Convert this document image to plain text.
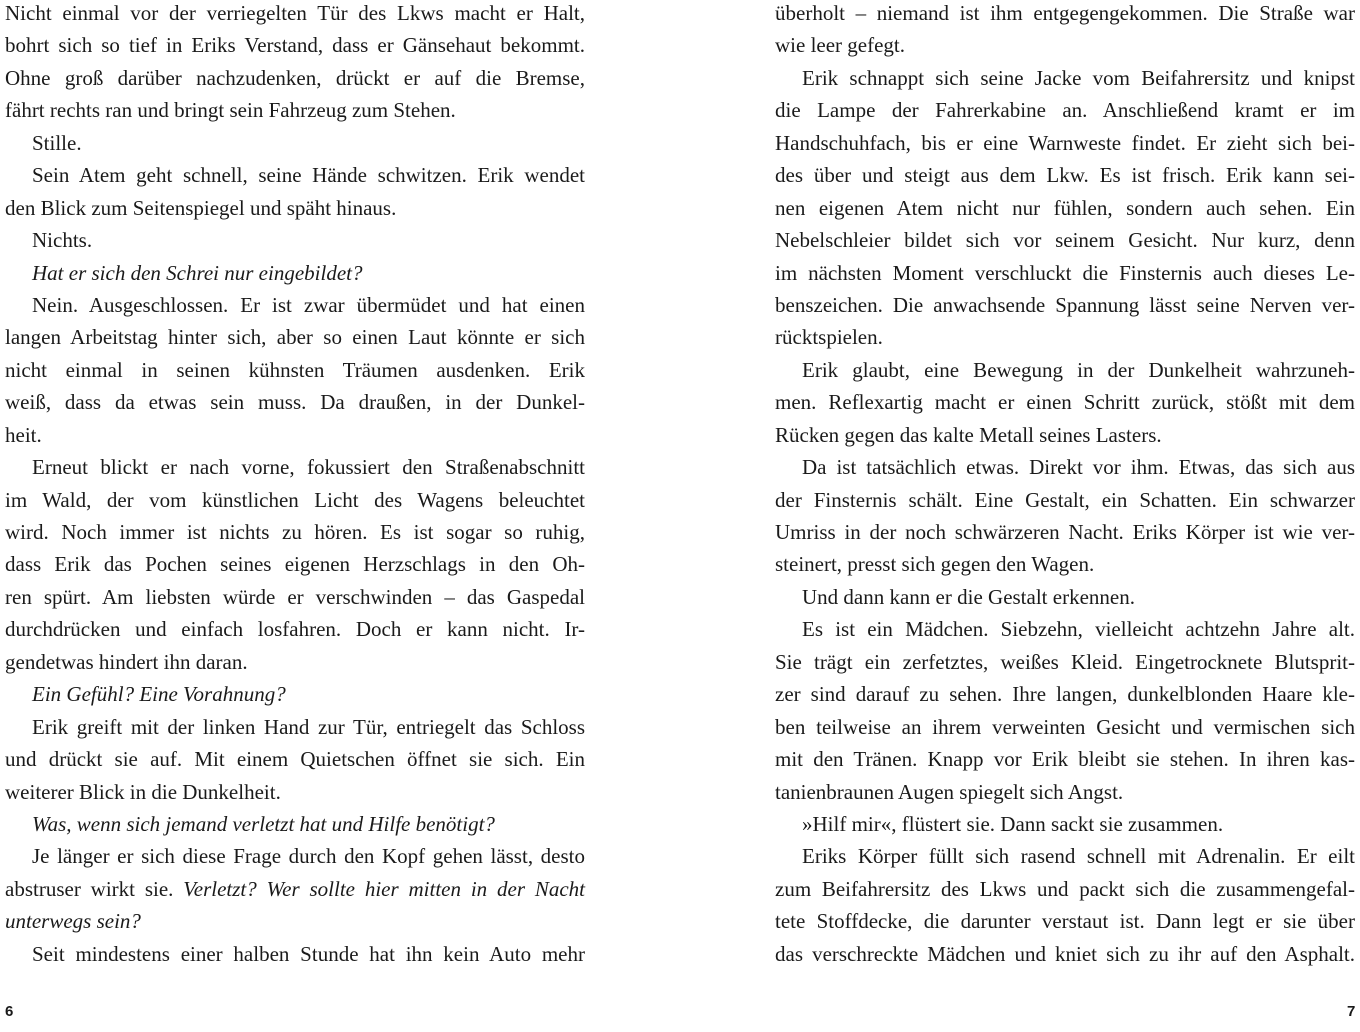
Nicht einmal vor der verriegelten Tür des Lkws macht er Halt,
bohrt sich so tief in Eriks Verstand, dass er Gänsehaut bekommt.
Ohne groß darüber nachzudenken, drückt er auf die Bremse,
fährt rechts ran und bringt sein Fahrzeug zum Stehen.
Stille.
Sein Atem geht schnell, seine Hände schwitzen. Erik wendet
den Blick zum Seitenspiegel und späht hinaus.
Nichts.
Hat er sich den Schrei nur eingebildet?
Nein. Ausgeschlossen. Er ist zwar übermüdet und hat einen
langen Arbeitstag hinter sich, aber so einen Laut könnte er sich
nicht einmal in seinen kühnsten Träumen ausdenken. Erik
weiß, dass da etwas sein muss. Da draußen, in der Dunkel-
heit.
Erneut blickt er nach vorne, fokussiert den Straßenabschnitt
im Wald, der vom künstlichen Licht des Wagens beleuchtet
wird. Noch immer ist nichts zu hören. Es ist sogar so ruhig,
dass Erik das Pochen seines eigenen Herzschlags in den Oh-
ren spürt. Am liebsten würde er verschwinden – das Gaspedal
durchdrücken und einfach losfahren. Doch er kann nicht. Ir-
gendetwas hindert ihn daran.
Ein Gefühl? Eine Vorahnung?
Erik greift mit der linken Hand zur Tür, entriegelt das Schloss
und drückt sie auf. Mit einem Quietschen öffnet sie sich. Ein
weiterer Blick in die Dunkelheit.
Was, wenn sich jemand verletzt hat und Hilfe benötigt?
Je länger er sich diese Frage durch den Kopf gehen lässt, desto
abstruser wirkt sie. Verletzt? Wer sollte hier mitten in der Nacht
unterwegs sein?
Seit mindestens einer halben Stunde hat ihn kein Auto mehr
6
überholt – niemand ist ihm entgegengekommen. Die Straße war
wie leer gefegt.
Erik schnappt sich seine Jacke vom Beifahrersitz und knipst
die Lampe der Fahrerkabine an. Anschließend kramt er im
Handschuhfach, bis er eine Warnweste findet. Er zieht sich bei-
des über und steigt aus dem Lkw. Es ist frisch. Erik kann sei-
nen eigenen Atem nicht nur fühlen, sondern auch sehen. Ein
Nebelschleier bildet sich vor seinem Gesicht. Nur kurz, denn
im nächsten Moment verschluckt die Finsternis auch dieses Le-
benszeichen. Die anwachsende Spannung lässt seine Nerven ver-
rücktspielen.
Erik glaubt, eine Bewegung in der Dunkelheit wahrzuneh-
men. Reflexartig macht er einen Schritt zurück, stößt mit dem
Rücken gegen das kalte Metall seines Lasters.
Da ist tatsächlich etwas. Direkt vor ihm. Etwas, das sich aus
der Finsternis schält. Eine Gestalt, ein Schatten. Ein schwarzer
Umriss in der noch schwärzeren Nacht. Eriks Körper ist wie ver-
steinert, presst sich gegen den Wagen.
Und dann kann er die Gestalt erkennen.
Es ist ein Mädchen. Siebzehn, vielleicht achtzehn Jahre alt.
Sie trägt ein zerfetztes, weißes Kleid. Eingetrocknete Blutsprit-
zer sind darauf zu sehen. Ihre langen, dunkelblonden Haare kle-
ben teilweise an ihrem verweinten Gesicht und vermischen sich
mit den Tränen. Knapp vor Erik bleibt sie stehen. In ihren kas-
tanienbraunen Augen spiegelt sich Angst.
»Hilf mir«, flüstert sie. Dann sackt sie zusammen.
Eriks Körper füllt sich rasend schnell mit Adrenalin. Er eilt
zum Beifahrersitz des Lkws und packt sich die zusammengefal-
tete Stoffdecke, die darunter verstaut ist. Dann legt er sie über
das verschreckte Mädchen und kniet sich zu ihr auf den Asphalt.
7
